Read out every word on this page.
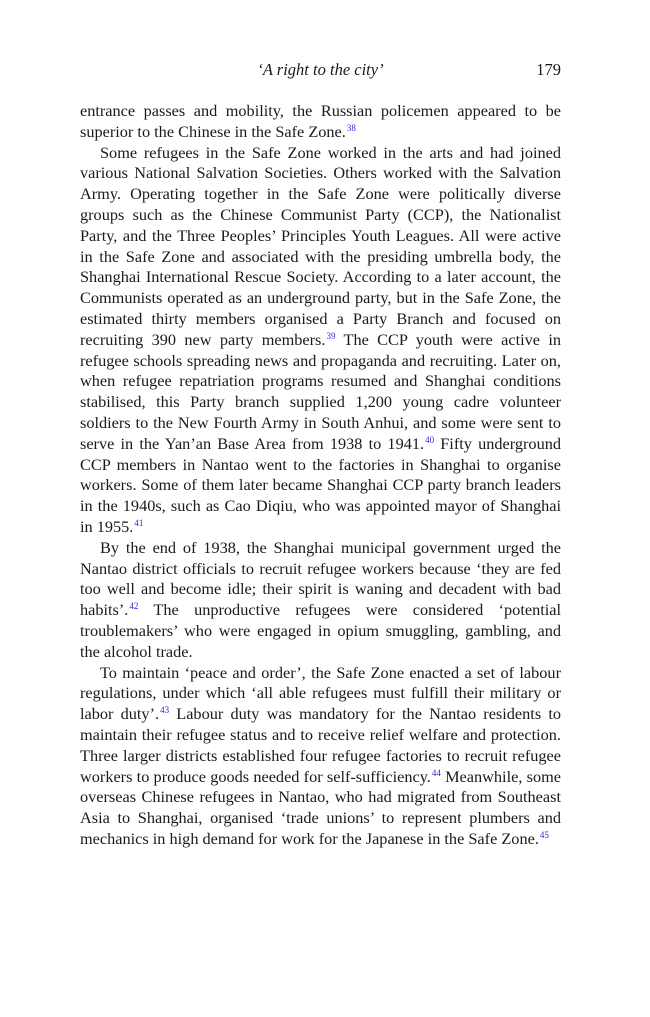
‘A right to the city’	179

entrance passes and mobility, the Russian policemen appeared to be superior to the Chinese in the Safe Zone.$^{38}$

Some refugees in the Safe Zone worked in the arts and had joined various National Salvation Societies. Others worked with the Salvation Army. Operating together in the Safe Zone were politically diverse groups such as the Chinese Communist Party (CCP), the Nationalist Party, and the Three Peoples’ Principles Youth Leagues. All were active in the Safe Zone and associated with the presiding umbrella body, the Shanghai International Rescue Society. According to a later account, the Communists operated as an underground party, but in the Safe Zone, the estimated thirty members organised a Party Branch and focused on recruiting 390 new party members.$^{39}$ The CCP youth were active in refugee schools spreading news and propaganda and recruiting. Later on, when refugee repatriation programs resumed and Shanghai conditions stabilised, this Party branch supplied 1,200 young cadre volunteer soldiers to the New Fourth Army in South Anhui, and some were sent to serve in the Yan’an Base Area from 1938 to 1941.40 Fifty underground CCP members in Nantao went to the factories in Shanghai to organise workers. Some of them later became Shanghai CCP party branch leaders in the 1940s, such as Cao Diqiu, who was appointed mayor of Shanghai in 1955.41

By the end of 1938, the Shanghai municipal government urged the Nantao district officials to recruit refugee workers because ‘they are fed too well and become idle; their spirit is waning and decadent with bad habits’.$^{42}$ The unproductive refugees were considered ‘potential troublemakers’ who were engaged in opium smuggling, gambling, and the alcohol trade.

To maintain ‘peace and order’, the Safe Zone enacted a set of labour regulations, under which ‘all able refugees must fulfill their military or labor duty’.$^{43}$ Labour duty was mandatory for the Nantao residents to maintain their refugee status and to receive relief welfare and protection. Three larger districts established four refugee factories to recruit refugee workers to produce goods needed for self-sufficiency.$^{44}$ Meanwhile, some overseas Chinese refugees in Nantao, who had migrated from Southeast Asia to Shanghai, organised ‘trade unions’ to represent plumbers and mechanics in high demand for work for the Japanese in the Safe Zone.$^{45}$
